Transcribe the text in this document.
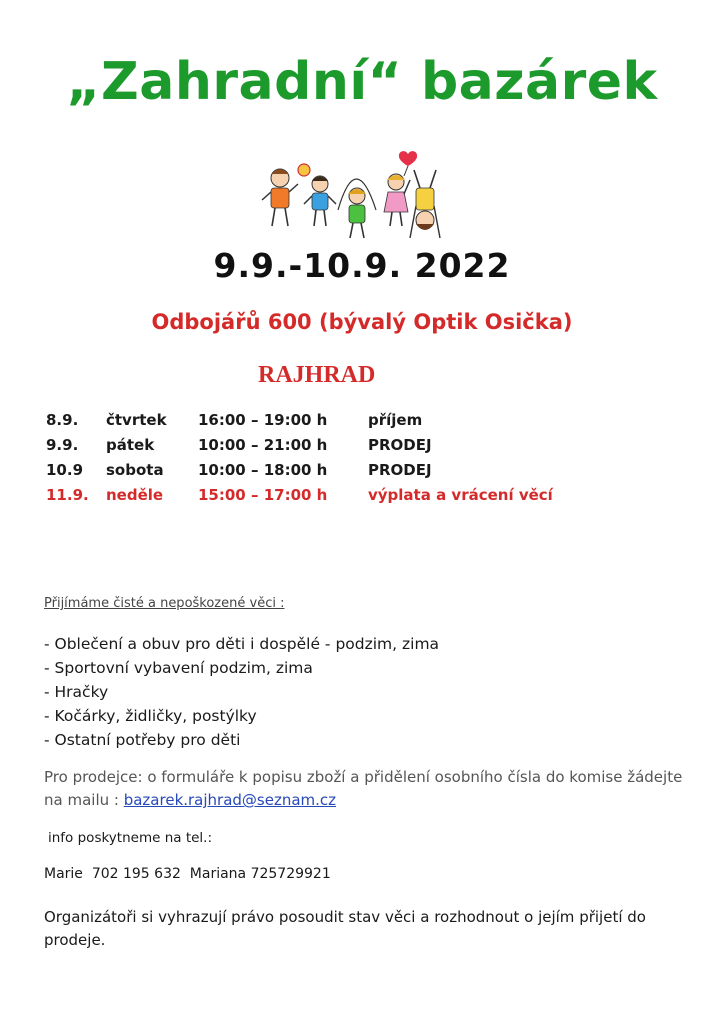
„Zahradní“ bazárek
9.9.-10.9. 2022
Odbojářů 600 (bývalý Optik Osička)
RAJHRAD
8.9. čtvrtek 16:00 – 19:00 h	příjem
9.9. pátek	10:00 – 21:00 h	PRODEJ
10.9 sobota 10:00 – 18:00 h	PRODEJ
11.9. neděle 15:00 – 17:00 h	výplata a vrácení věcí
Přijímáme čisté a nepoškozené věci :
- Oblečení a obuv pro děti i dospělé - podzim, zima
- Sportovní vybavení podzim, zima
- Hračky
- Kočárky, židličky, postýlky
- Ostatní potřeby pro děti
Pro prodejce: o formuláře k popisu zboží a přidělení osobního čísla do komise žádejte na mailu : bazarek.rajhrad@seznam.cz
info poskytneme na tel.:
Marie  702 195 632  Mariana 725729921
Organizátoři si vyhrazují právo posoudit stav věci a rozhodnout o jejím přijetí do prodeje.
